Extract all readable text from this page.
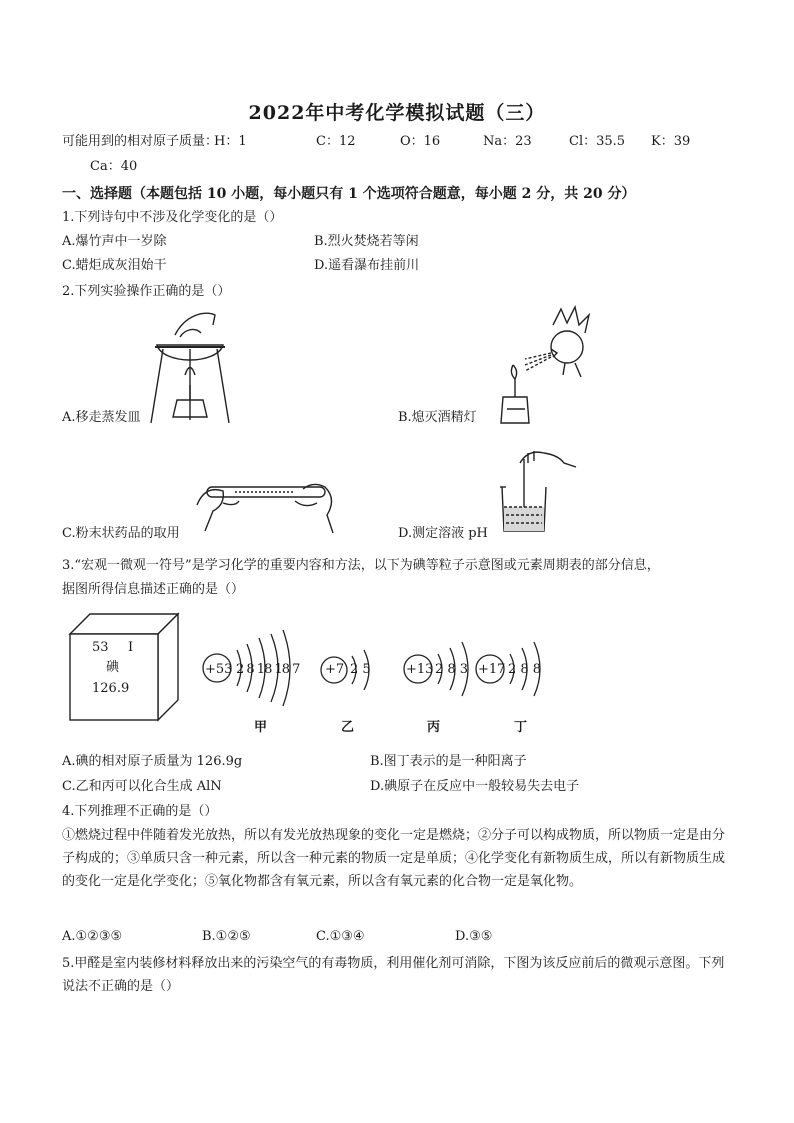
2022年中考化学模拟试题（三）
可能用到的相对原子质量：
H：1	C：12	O：16	Na：23	Cl：35.5 K：39
Ca：40
一、选择题（本题包括 10 小题，每小题只有 1 个选项符合题意，每小题 2 分，共 20 分）
1.下列诗句中不涉及化学变化的是（）
A.爆竹声中一岁除	B.烈火焚烧若等闲
C.蜡炬成灰泪始干	D.遥看瀑布挂前川
2.下列实验操作正确的是（）
A.移走蒸发皿	B.熄灭酒精灯
C.粉末状药品的取用	D.测定溶液 pH
3.“宏观一微观一符号”是学习化学的重要内容和方法，以下为碘等粒子示意图或元素周期表的部分信息，
据图所得信息描述正确的是（）
53 I
碘
126.9
+53 2 8 18 18 7 +7 2 5	+13 2 8 3 +17 2 8 8
甲	乙	丙	丁
A.碘的相对原子质量为 126.9g	B.图丁表示的是一种阳离子
C.乙和丙可以化合生成 AlN	D.碘原子在反应中一般较易失去电子
4.下列推理不正确的是（）
①燃烧过程中伴随着发光放热，所以有发光放热现象的变化一定是燃烧；②分子可以构成物质，所以物质一定是由分子构成的；③单质只含一种元素，所以含一种元素的物质一定是单质；④化学变化有新物质生成，所以有新物质生成的变化一定是化学变化；⑤氧化物都含有氧元素，所以含有氧元素的化合物一定是氧化物。
A.①②③⑤	B.①②⑤	C.①③④	D.③⑤
5.甲醛是室内装修材料释放出来的污染空气的有毒物质，利用催化剂可消除，下图为该反应前后的微观示意图。下列说法不正确的是（）
